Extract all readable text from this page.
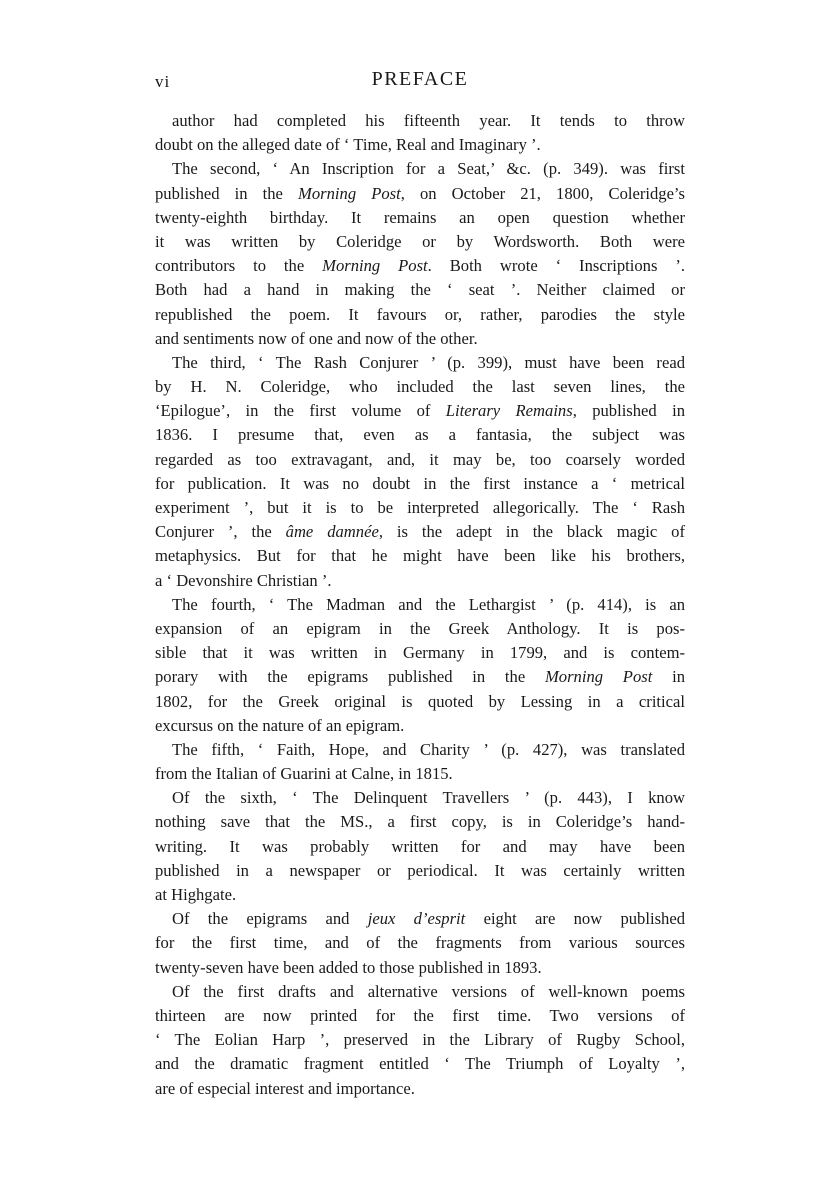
vi	PREFACE
author had completed his fifteenth year. It tends to throw
doubt on the alleged date of ‘ Time, Real and Imaginary ’.
The second, ‘ An Inscription for a Seat,’ &c. (p. 349). was first
published in the Morning Post, on October 21, 1800, Coleridge’s
twenty-eighth birthday. It remains an open question whether
it was written by Coleridge or by Wordsworth. Both were
contributors to the Morning Post. Both wrote ‘ Inscriptions ’.
Both had a hand in making the ‘ seat ’. Neither claimed or
republished the poem. It favours or, rather, parodies the style
and sentiments now of one and now of the other.
The third, ‘ The Rash Conjurer ’ (p. 399), must have been read
by H. N. Coleridge, who included the last seven lines, the
‘Epilogue’, in the first volume of Literary Remains, published in
1836. I presume that, even as a fantasia, the subject was
regarded as too extravagant, and, it may be, too coarsely worded
for publication. It was no doubt in the first instance a ‘ metrical
experiment ’, but it is to be interpreted allegorically. The ‘ Rash
Conjurer ’, the âme damnée, is the adept in the black magic of
metaphysics. But for that he might have been like his brothers,
a ‘ Devonshire Christian ’.
The fourth, ‘ The Madman and the Lethargist ’ (p. 414), is an
expansion of an epigram in the Greek Anthology. It is pos-
sible that it was written in Germany in 1799, and is contem-
porary with the epigrams published in the Morning Post in
1802, for the Greek original is quoted by Lessing in a critical
excursus on the nature of an epigram.
The fifth, ‘ Faith, Hope, and Charity ’ (p. 427), was translated
from the Italian of Guarini at Calne, in 1815.
Of the sixth, ‘ The Delinquent Travellers ’ (p. 443), I know
nothing save that the MS., a first copy, is in Coleridge’s hand-
writing. It was probably written for and may have been
published in a newspaper or periodical. It was certainly written
at Highgate.
Of the epigrams and jeux d’esprit eight are now published
for the first time, and of the fragments from various sources
twenty-seven have been added to those published in 1893.
Of the first drafts and alternative versions of well-known poems
thirteen are now printed for the first time. Two versions of
‘ The Eolian Harp ’, preserved in the Library of Rugby School,
and the dramatic fragment entitled ‘ The Triumph of Loyalty ’,
are of especial interest and importance.
